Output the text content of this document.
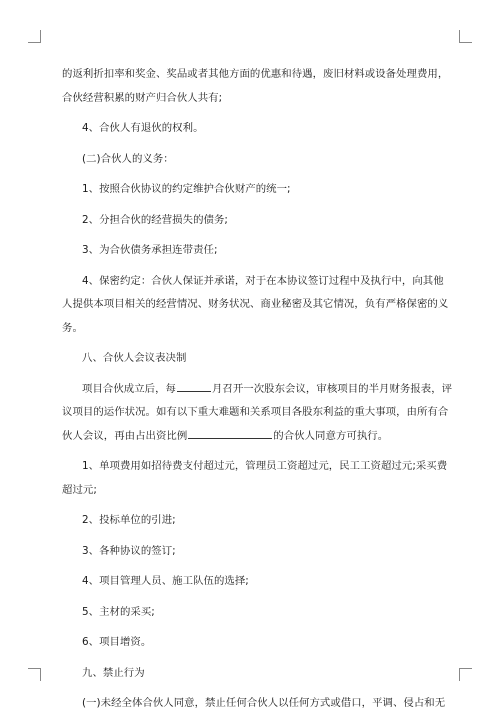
的返利折扣率和奖金、奖品或者其他方面的优惠和待遇，废旧材料或设备处理费用，
合伙经营积累的财产归合伙人共有;
4、合伙人有退伙的权利。
(二)合伙人的义务：
1、按照合伙协议的约定维护合伙财产的统一;
2、分担合伙的经营损失的债务;
3、为合伙债务承担连带责任;
4、保密约定：合伙人保证并承诺，对于在本协议签订过程中及执行中，向其他
人提供本项目相关的经营情况、财务状况、商业秘密及其它情况，负有严格保密的义
务。
八、合伙人会议表决制
项目合伙成立后，每	月召开一次股东会议，审核项目的半月财务报表，评
议项目的运作状况。如有以下重大难题和关系项目各股东利益的重大事项，由所有合
伙人会议，再由占出资比例	的合伙人同意方可执行。
1、单项费用如招待费支付超过元，管理员工资超过元，民工工资超过元;采买费
超过元;
2、投标单位的引进;
3、各种协议的签订;
4、项目管理人员、施工队伍的选择;
5、主材的采买;
6、项目增资。
九、禁止行为
(一)未经全体合伙人同意，禁止任何合伙人以任何方式或借口，平调、侵占和无
